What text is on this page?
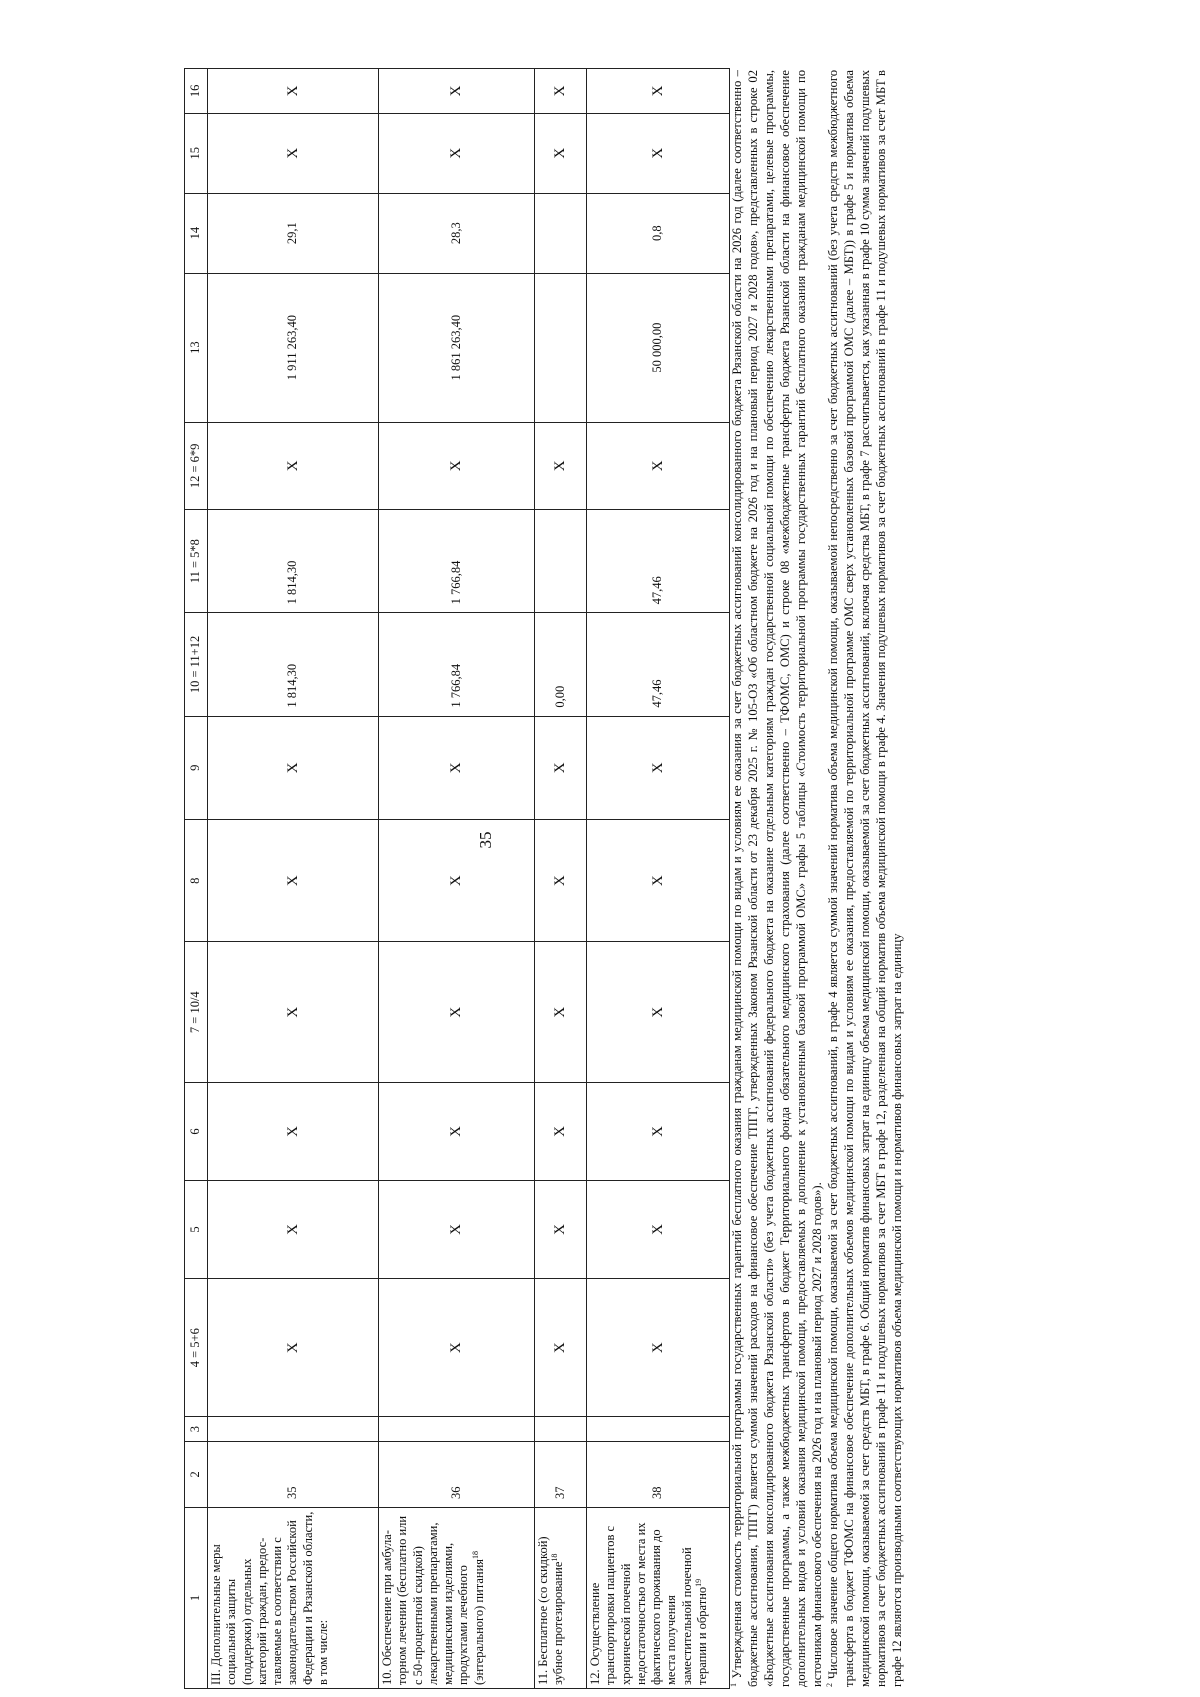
35
1	2	3	4 = 5+6	5	6	7 = 10/4	8	9	10 = 11+12	11 = 5*8	12 = 6*9	13	14	15	16
III. Дополнительные меры социальной защиты (поддержки) отдельных категорий граждан, предос-тавляемые в соответствии с законодательством Российской Федерации и Рязанской области, в том числе:	35		Х	Х	Х	Х	Х	Х	1 814,30	1 814,30	Х	1 911 263,40	29,1	Х	Х
10. Обеспечение при амбула-торном лечении (бесплатно или с 50-процентной скидкой) лекарственными препаратами, медицинскими изделиями, продуктами лечебного (энтерального) питания$^{18}$	36		Х	Х	Х	Х	Х	Х	1 766,84	1 766,84	Х	1 861 263,40	28,3	Х	Х
11. Бесплатное (со скидкой) зубное протезирование$^{18}$	37		Х	Х	Х	Х	Х	Х	0,00		Х			Х	Х
12. Осуществление транспортировки пациентов с хронической почечной недостаточностью от места их фактического проживания до места получения заместительной почечной терапии и обратно$^{19}$	38		Х	Х	Х	Х	Х	Х	47,46	47,46	Х	50 000,00	0,8	Х	Х

$^1$ Утвержденная стоимость территориальной программы государственных гарантий бесплатного оказания гражданам медицинской помощи по видам и условиям ее оказания за счет бюджетных ассигнований консолидированного бюджета Рязанской области на 2026 год (далее соответственно – бюджетные ассигнования, ТПГГ) является суммой значений расходов на финансовое обеспечение ТПГГ, утвержденных Законом Рязанской области от 23 декабря 2025 г. № 105-ОЗ «Об областном бюджете на 2026 год и на плановый период 2027 и 2028 годов», представленных в строке 02 «Бюджетные ассигнования консолидированного бюджета Рязанской области» (без учета бюджетных ассигнований федерального бюджета на оказание отдельным категориям граждан государственной социальной помощи по обеспечению лекарственными препаратами, целевые программы, государственные программы, а также межбюджетных трансфертов в бюджет Территориального фонда обязательного медицинского страхования (далее соответственно – ТФОМС, ОМС) и строке 08 «межбюджетные трансферты бюджета Рязанской области на финансовое обеспечение дополнительных видов и условий оказания медицинской помощи, предоставляемых в дополнение к установленным базовой программой ОМС» графы 5 таблицы «Стоимость территориальной программы государственных гарантий бесплатного оказания гражданам медицинской помощи по источникам финансового обеспечения на 2026 год и на плановый период 2027 и 2028 годов»). $^2$ Числовое значение общего норматива объема медицинской помощи, оказываемой за счет бюджетных ассигнований, в графе 4 является суммой значений норматива объема медицинской помощи, оказываемой непосредственно за счет бюджетных ассигнований (без учета средств межбюджетного трансферта в бюджет ТФОМС на финансовое обеспечение дополнительных объемов медицинской помощи по видам и условиям ее оказания, предоставляемой по территориальной программе ОМС сверх установленных базовой программой ОМС (далее – МБТ)) в графе 5 и норматива объема медицинской помощи, оказываемой за счет средств МБТ, в графе 6. Общий норматив финансовых затрат на единицу объема медицинской помощи, оказываемой за счет бюджетных ассигнований, включая средства МБТ, в графе 7 рассчитывается, как указанная в графе 10 сумма значений подушевых нормативов за счет бюджетных ассигнований в графе 11 и подушевых нормативов за счет МБТ в графе 12, разделенная на общий норматив объема медицинской помощи в графе 4. Значения подушевых нормативов за счет бюджетных ассигнований в графе 11 и подушевых нормативов за счет МБТ в графе 12 являются производными соответствующих нормативов объема медицинской помощи и нормативов финансовых затрат на единицу
